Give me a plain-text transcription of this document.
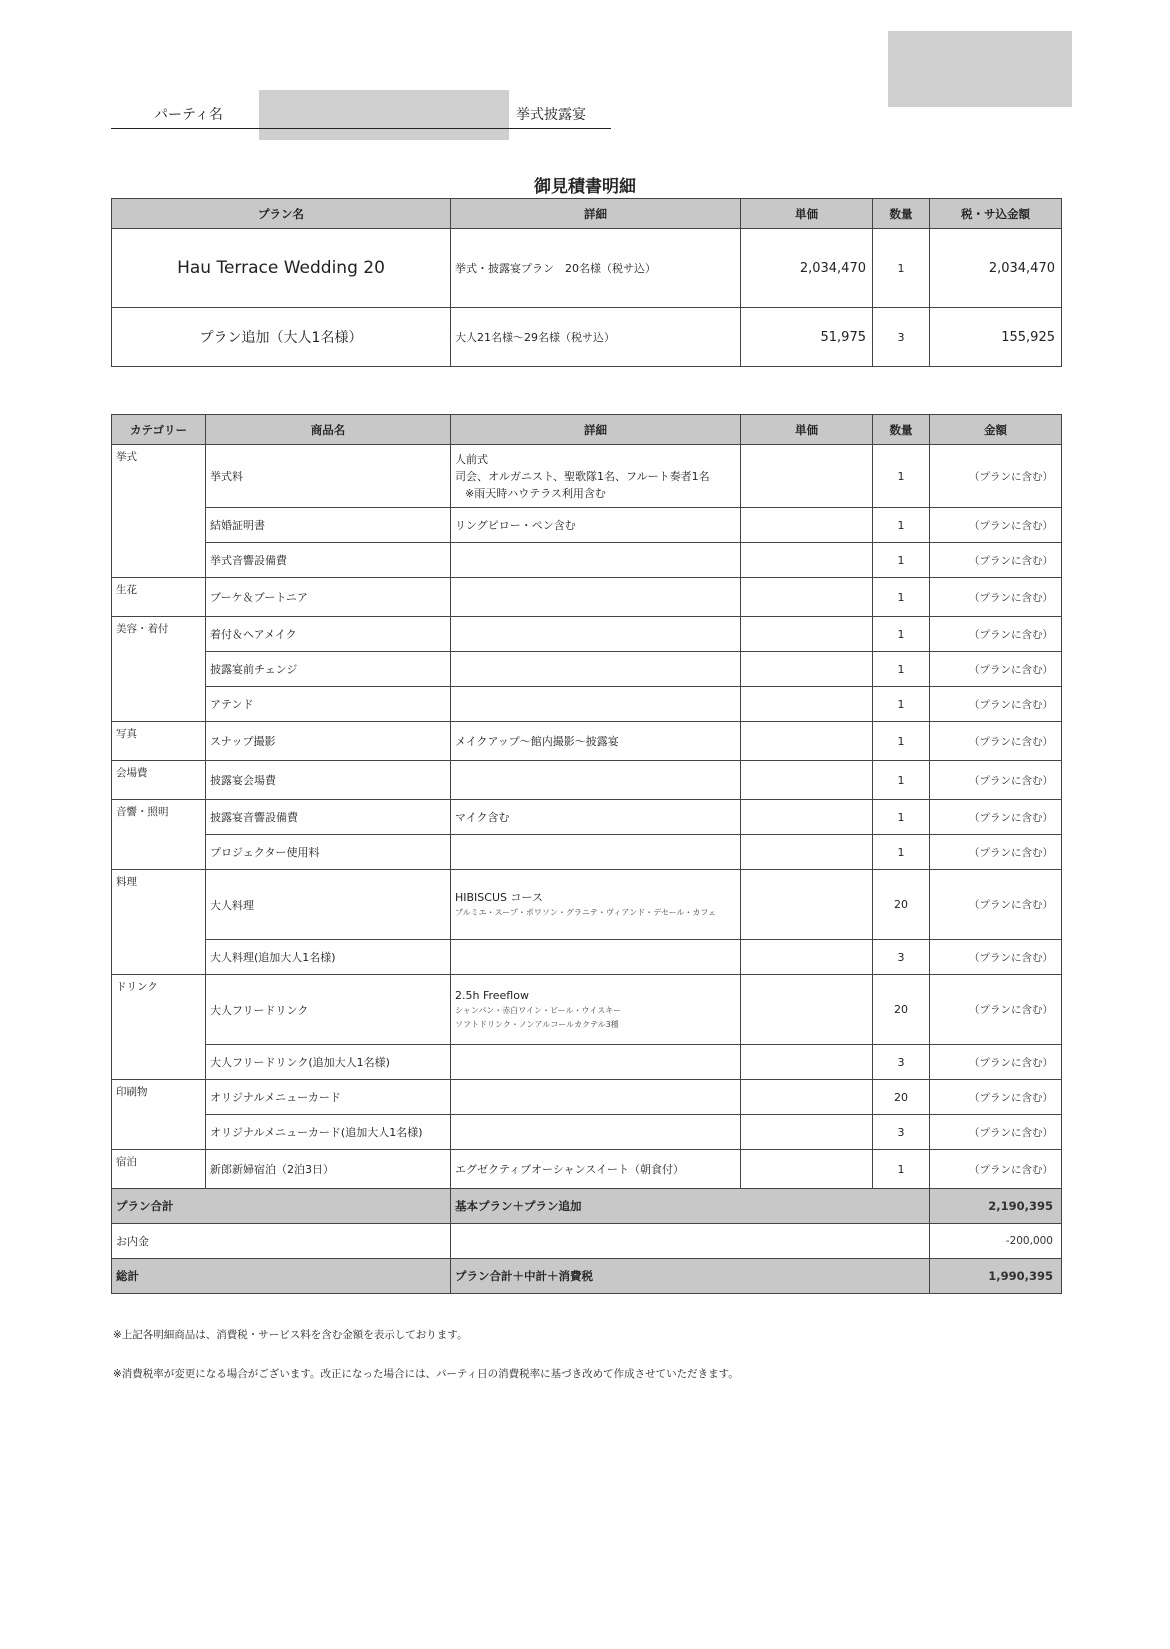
パーティ名	挙式披露宴
御見積書明細
プラン名	詳細	単価	数量	税・サ込金額
Hau Terrace Wedding 20	挙式・披露宴プラン　20名様（税サ込）	2,034,470	1	2,034,470
プラン追加（大人1名様）	大人21名様～29名様（税サ込）	51,975	3	155,925
カテゴリー	商品名	詳細	単価	数量	金額
挙式	挙式料	人前式
司会、オルガニスト、聖歌隊1名、フルート奏者1名
※雨天時ハウテラス利用含む		1	（プランに含む）
	結婚証明書	リングピロー・ペン含む		1	（プランに含む）
	挙式音響設備費			1	（プランに含む）
生花	ブーケ＆ブートニア			1	（プランに含む）
美容・着付	着付＆ヘアメイク			1	（プランに含む）
	披露宴前チェンジ			1	（プランに含む）
	アテンド			1	（プランに含む）
写真	スナップ撮影	メイクアップ～館内撮影～披露宴		1	（プランに含む）
会場費	披露宴会場費			1	（プランに含む）
音響・照明	披露宴音響設備費	マイク含む		1	（プランに含む）
	プロジェクター使用料			1	（プランに含む）
料理	大人料理	HIBISCUS コース
ブルミエ・スープ・ポワソン・グラニテ・ヴィアンド・デセール・カフェ		20	（プランに含む）
	大人料理(追加大人1名様)			3	（プランに含む）
ドリンク	大人フリードリンク	2.5h Freeflow
シャンパン・赤白ワイン・ビール・ウイスキー
ソフトドリンク・ノンアルコールカクテル3種		20	（プランに含む）
	大人フリードリンク(追加大人1名様)			3	（プランに含む）
印刷物	オリジナルメニューカード			20	（プランに含む）
	オリジナルメニューカード(追加大人1名様)			3	（プランに含む）
宿泊	新郎新婦宿泊（2泊3日）	エグゼクティブオーシャンスイート（朝食付）		1	（プランに含む）
プラン合計		基本プラン＋プラン追加			2,190,395
お内金					-200,000
総計		プラン合計＋中計＋消費税			1,990,395
※上記各明細商品は、消費税・サービス料を含む金額を表示しております。
※消費税率が変更になる場合がございます。改正になった場合には、パーティ日の消費税率に基づき改めて作成させていただきます。
